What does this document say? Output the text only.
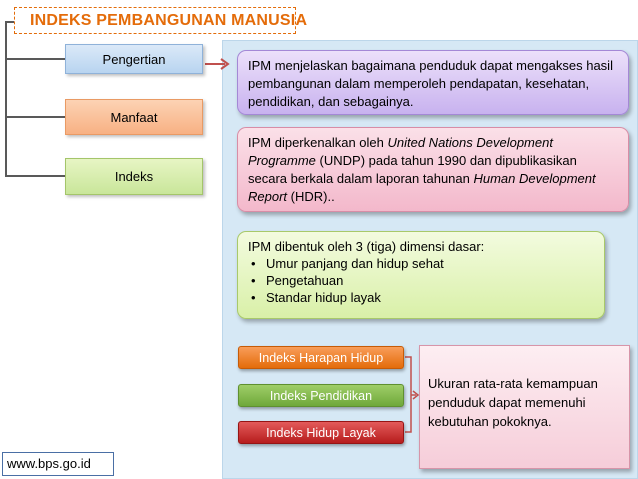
INDEKS PEMBANGUNAN MANUSIA
Pengertian
Manfaat
Indeks
IPM menjelaskan bagaimana penduduk dapat mengakses hasil pembangunan dalam memperoleh pendapatan, kesehatan, pendidikan, dan sebagainya.
IPM diperkenalkan oleh United Nations Development Programme (UNDP) pada tahun 1990 dan dipublikasikan secara berkala dalam laporan tahunan Human Development Report (HDR)..
IPM dibentuk oleh 3 (tiga) dimensi dasar:
• Umur panjang dan hidup sehat
• Pengetahuan
• Standar hidup layak
Indeks Harapan Hidup
Indeks Pendidikan
Indeks Hidup Layak
Ukuran rata-rata kemampuan penduduk dapat memenuhi kebutuhan pokoknya.
www.bps.go.id
